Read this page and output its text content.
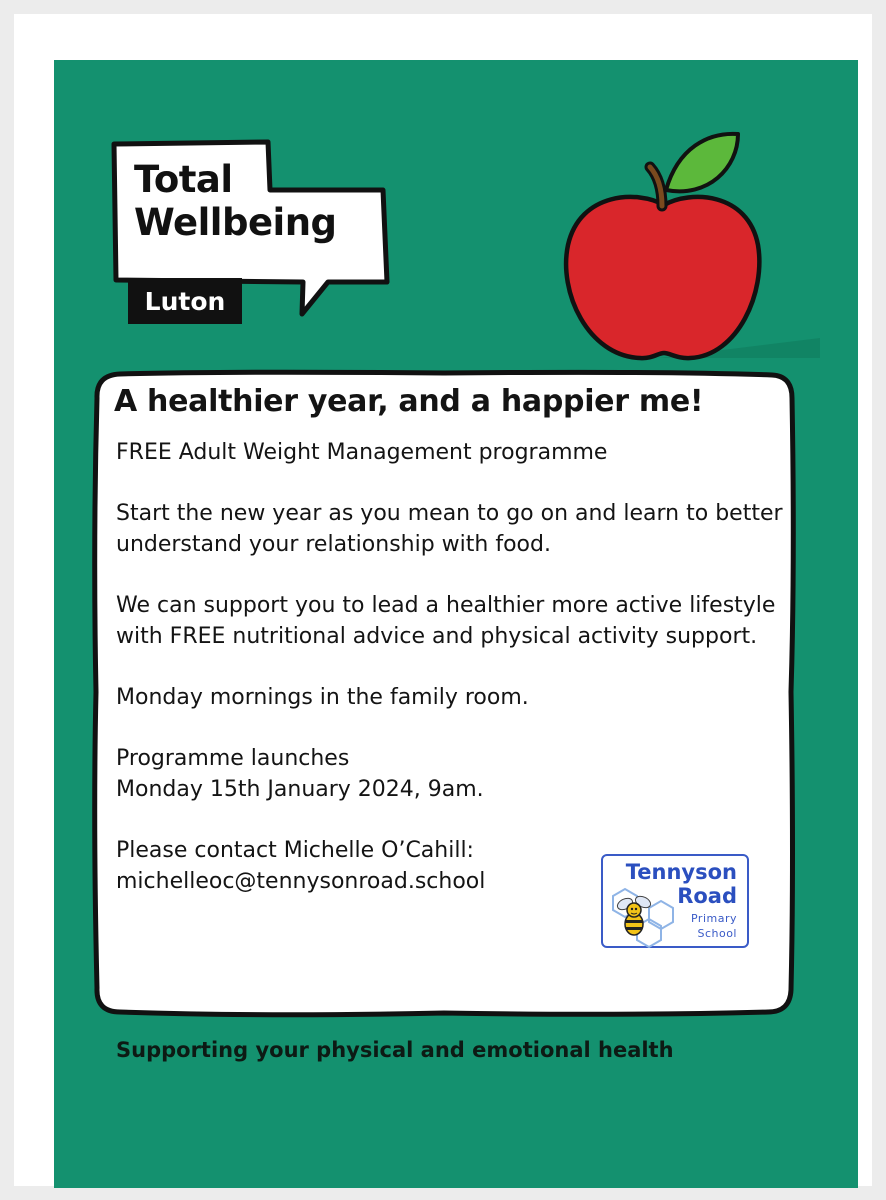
Total
Wellbeing
Luton
A healthier year, and a happier me!

FREE Adult Weight Management programme

Start the new year as you mean to go on and learn to better understand your relationship with food.

We can support you to lead a healthier more active lifestyle with FREE nutritional advice and physical activity support.

Monday mornings in the family room.

Programme launches
Monday 15th January 2024, 9am.

Please contact Michelle O’Cahill:
michelleoc@tennysonroad.school	Tennyson
Road
Primary
School

Supporting your physical and emotional health
